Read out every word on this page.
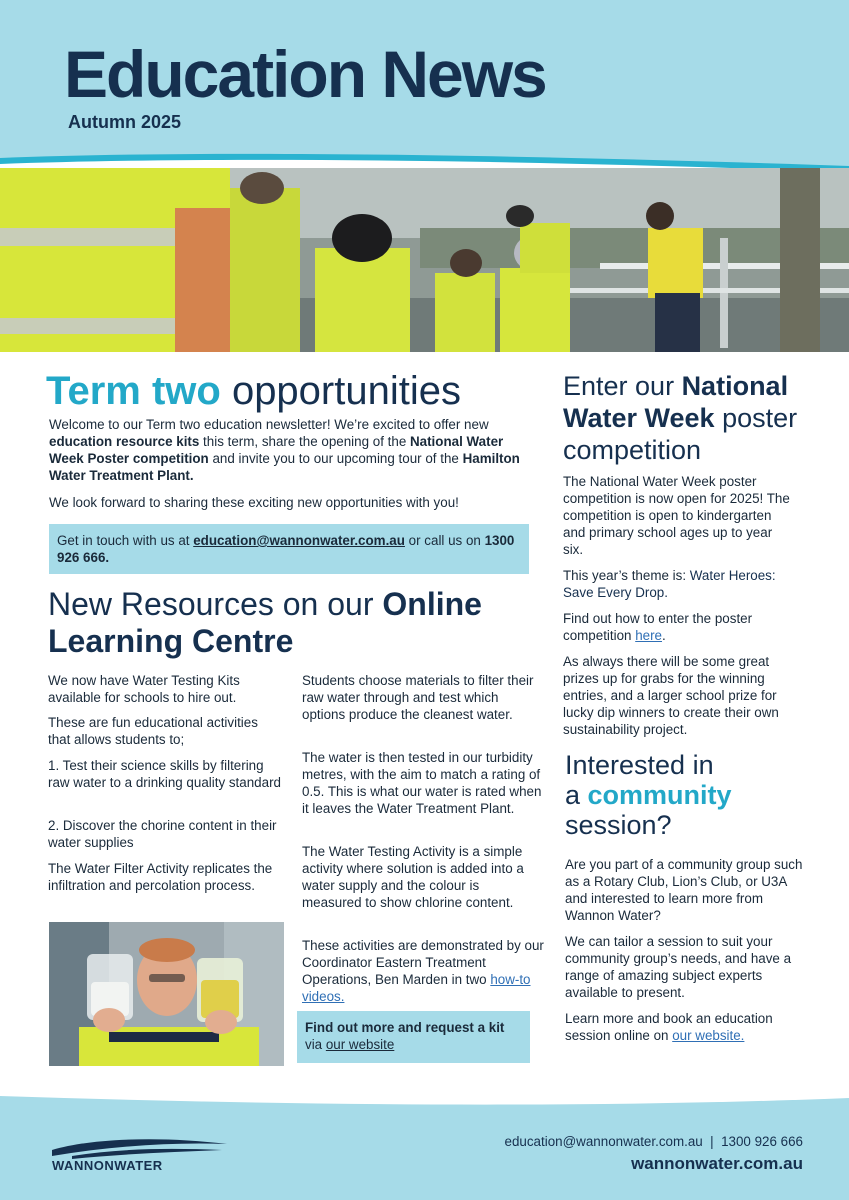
Education News
Autumn 2025
Term two opportunities

Welcome to our Term two education newsletter! We’re excited to offer new education resource kits this term, share the opening of the National Water Week Poster competition and invite you to our upcoming tour of the Hamilton Water Treatment Plant.

We look forward to sharing these exciting new opportunities with you!

Get in touch with us at education@wannonwater.com.au or call us on 1300 926 666.
New Resources on our Online Learning Centre

We now have Water Testing Kits available for schools to hire out.

These are fun educational activities that allows students to;

1. Test their science skills by filtering raw water to a drinking quality standard

2. Discover the chorine content in their water supplies

The Water Filter Activity replicates the infiltration and percolation process.

Students choose materials to filter their raw water through and test which options produce the cleanest water.

The water is then tested in our turbidity metres, with the aim to match a rating of 0.5. This is what our water is rated when it leaves the Water Treatment Plant.

The Water Testing Activity is a simple activity where solution is added into a water supply and the colour is measured to show chlorine content.

These activities are demonstrated by our Coordinator Eastern Treatment Operations, Ben Marden in two how-to videos.

Find out more and request a kit
via our website
Enter our National
Water Week poster
competition

The National Water Week poster competition is now open for 2025! The competition is open to kindergarten and primary school ages up to year six.

This year’s theme is: Water Heroes: Save Every Drop.

Find out how to enter the poster competition here.

As always there will be some great prizes up for grabs for the winning entries, and a larger school prize for lucky dip winners to create their own sustainability project.

Interested in
a community
session?

Are you part of a community group such as a Rotary Club, Lion’s Club, or U3A and interested to learn more from Wannon Water?

We can tailor a session to suit your community group’s needs, and have a range of amazing subject experts available to present.

Learn more and book an education session online on our website.

WANNONWATER
education@wannonwater.com.au  |  1300 926 666
wannonwater.com.au
